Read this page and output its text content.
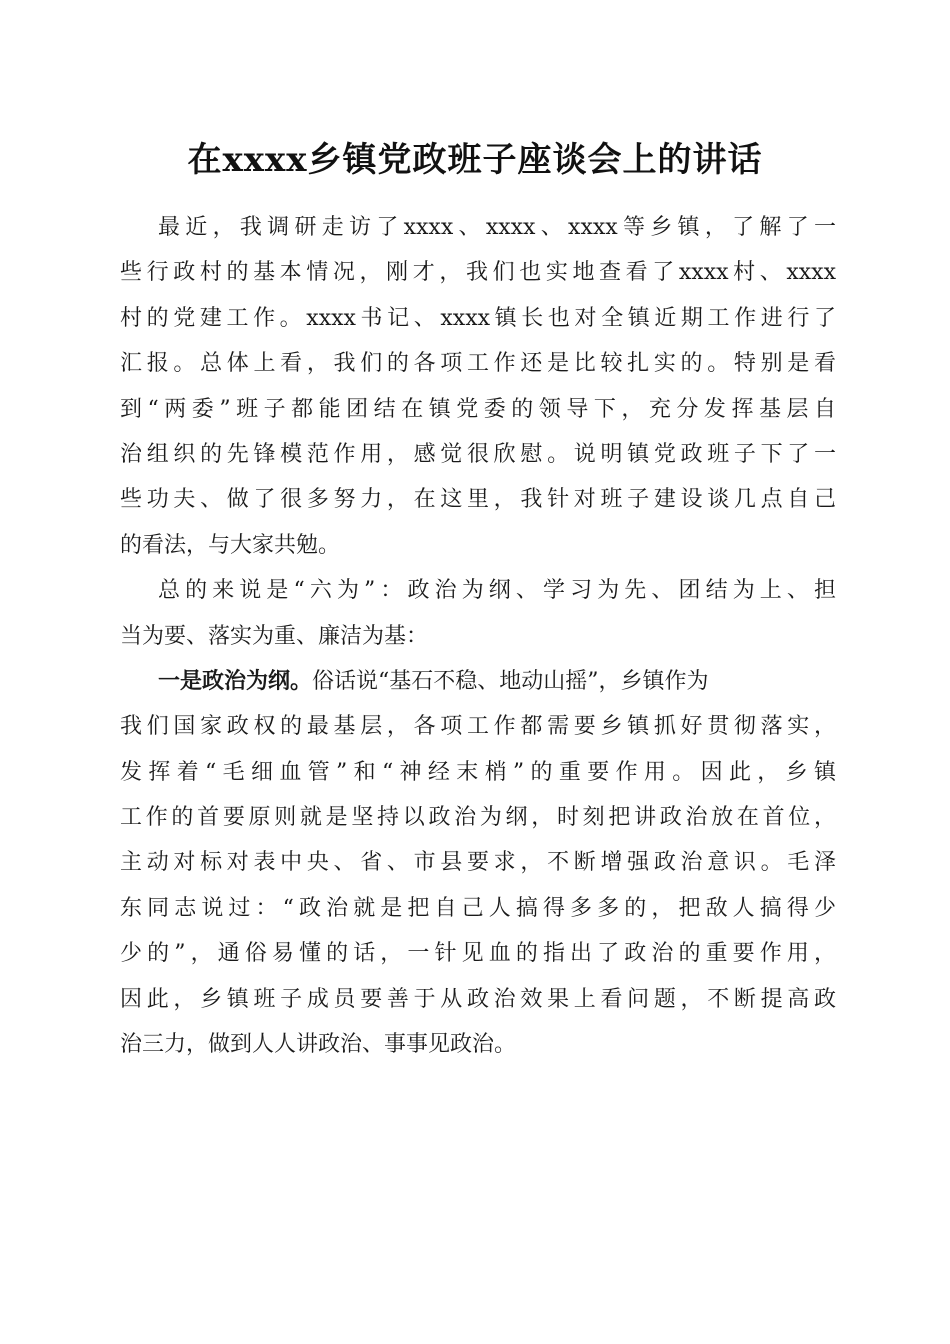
在xxxx乡镇党政班子座谈会上的讲话
最近，我调研走访了xxxx、xxxx、xxxx等乡镇，了解了一
些行政村的基本情况，刚才，我们也实地查看了xxxx村、xxxx
村的党建工作。xxxx书记、xxxx镇长也对全镇近期工作进行了
汇报。总体上看，我们的各项工作还是比较扎实的。特别是看
到“两委”班子都能团结在镇党委的领导下，充分发挥基层自
治组织的先锋模范作用，感觉很欣慰。说明镇党政班子下了一
些功夫、做了很多努力，在这里，我针对班子建设谈几点自己
的看法，与大家共勉。
总的来说是“六为”：政治为纲、学习为先、团结为上、担
当为要、落实为重、廉洁为基：
一是政治为纲。 俗话说“基石不稳、地动山摇”，乡镇作为
我们国家政权的最基层，各项工作都需要乡镇抓好贯彻落实，
发挥着“毛细血管”和“神经末梢”的重要作用。因此，乡镇
工作的首要原则就是坚持以政治为纲，时刻把讲政治放在首位，
主动对标对表中央、省、市县要求，不断增强政治意识。毛泽
东同志说过：“政治就是把自己人搞得多多的，把敌人搞得少
少的”，通俗易懂的话，一针见血的指出了政治的重要作用，
因此，乡镇班子成员要善于从政治效果上看问题，不断提高政
治三力，做到人人讲政治、事事见政治。
